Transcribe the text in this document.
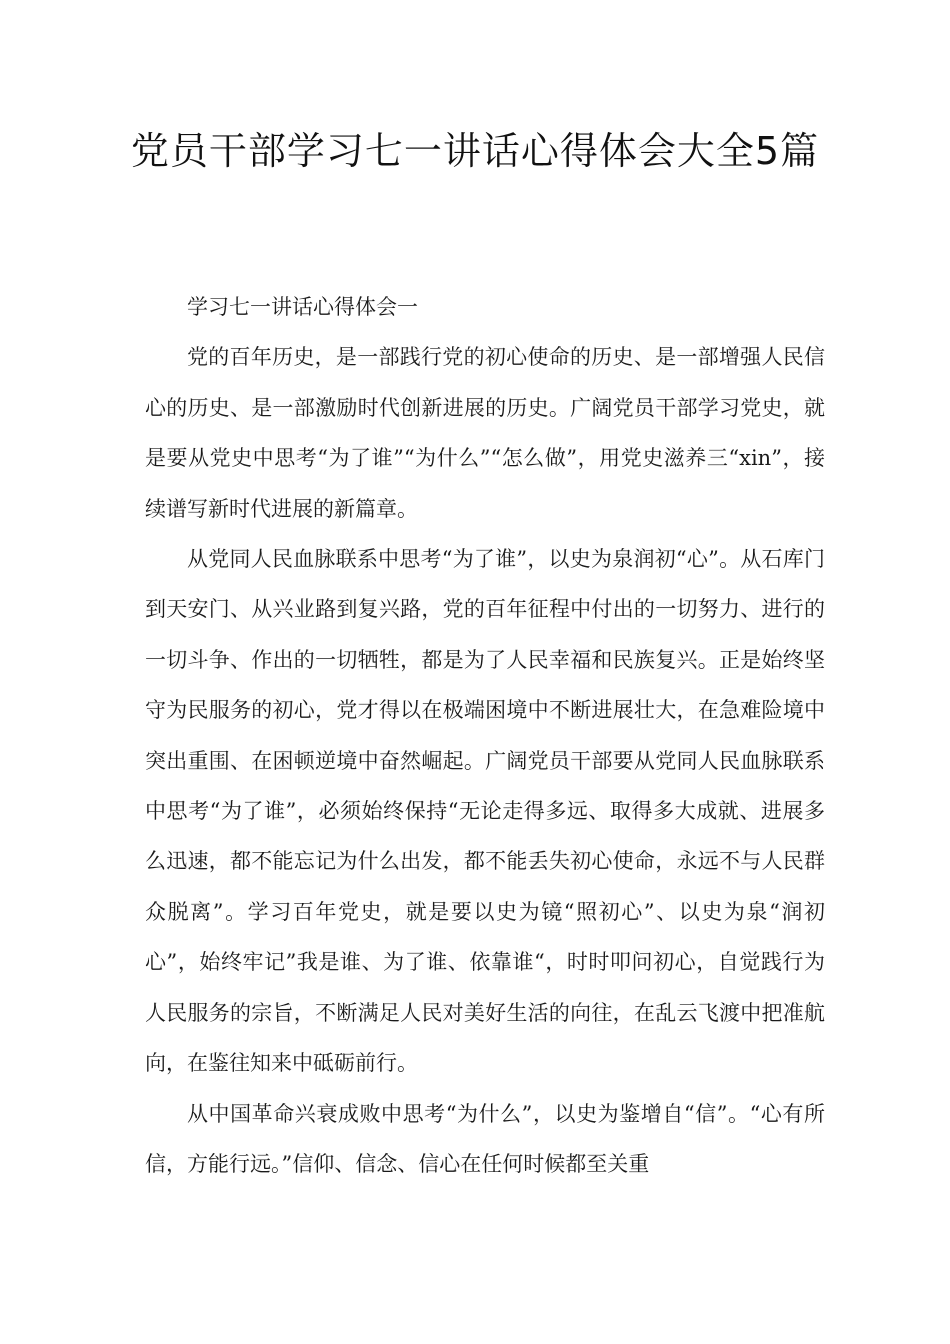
党员干部学习七一讲话心得体会大全5篇

学习七一讲话心得体会一

党的百年历史，是一部践行党的初心使命的历史、是一部增强人民信心的历史、是一部激励时代创新进展的历史。广阔党员干部学习党史，就是要从党史中思考“为了谁”“为什么”“怎么做”，用党史滋养三“xin”，接续谱写新时代进展的新篇章。

从党同人民血脉联系中思考“为了谁”，以史为泉润初“心”。从石库门到天安门、从兴业路到复兴路，党的百年征程中付出的一切努力、进行的一切斗争、作出的一切牺牲，都是为了人民幸福和民族复兴。正是始终坚守为民服务的初心，党才得以在极端困境中不断进展壮大，在急难险境中突出重围、在困顿逆境中奋然崛起。广阔党员干部要从党同人民血脉联系中思考“为了谁”，必须始终保持“无论走得多远、取得多大成就、进展多么迅速，都不能忘记为什么出发，都不能丢失初心使命，永远不与人民群众脱离”。学习百年党史，就是要以史为镜“照初心”、以史为泉“润初心”，始终牢记”我是谁、为了谁、依靠谁“，时时叩问初心，自觉践行为人民服务的宗旨，不断满足人民对美好生活的向往，在乱云飞渡中把准航向，在鉴往知来中砥砺前行。

从中国革命兴衰成败中思考“为什么”，以史为鉴增自“信”。“心有所信，方能行远。”信仰、信念、信心在任何时候都至关重
